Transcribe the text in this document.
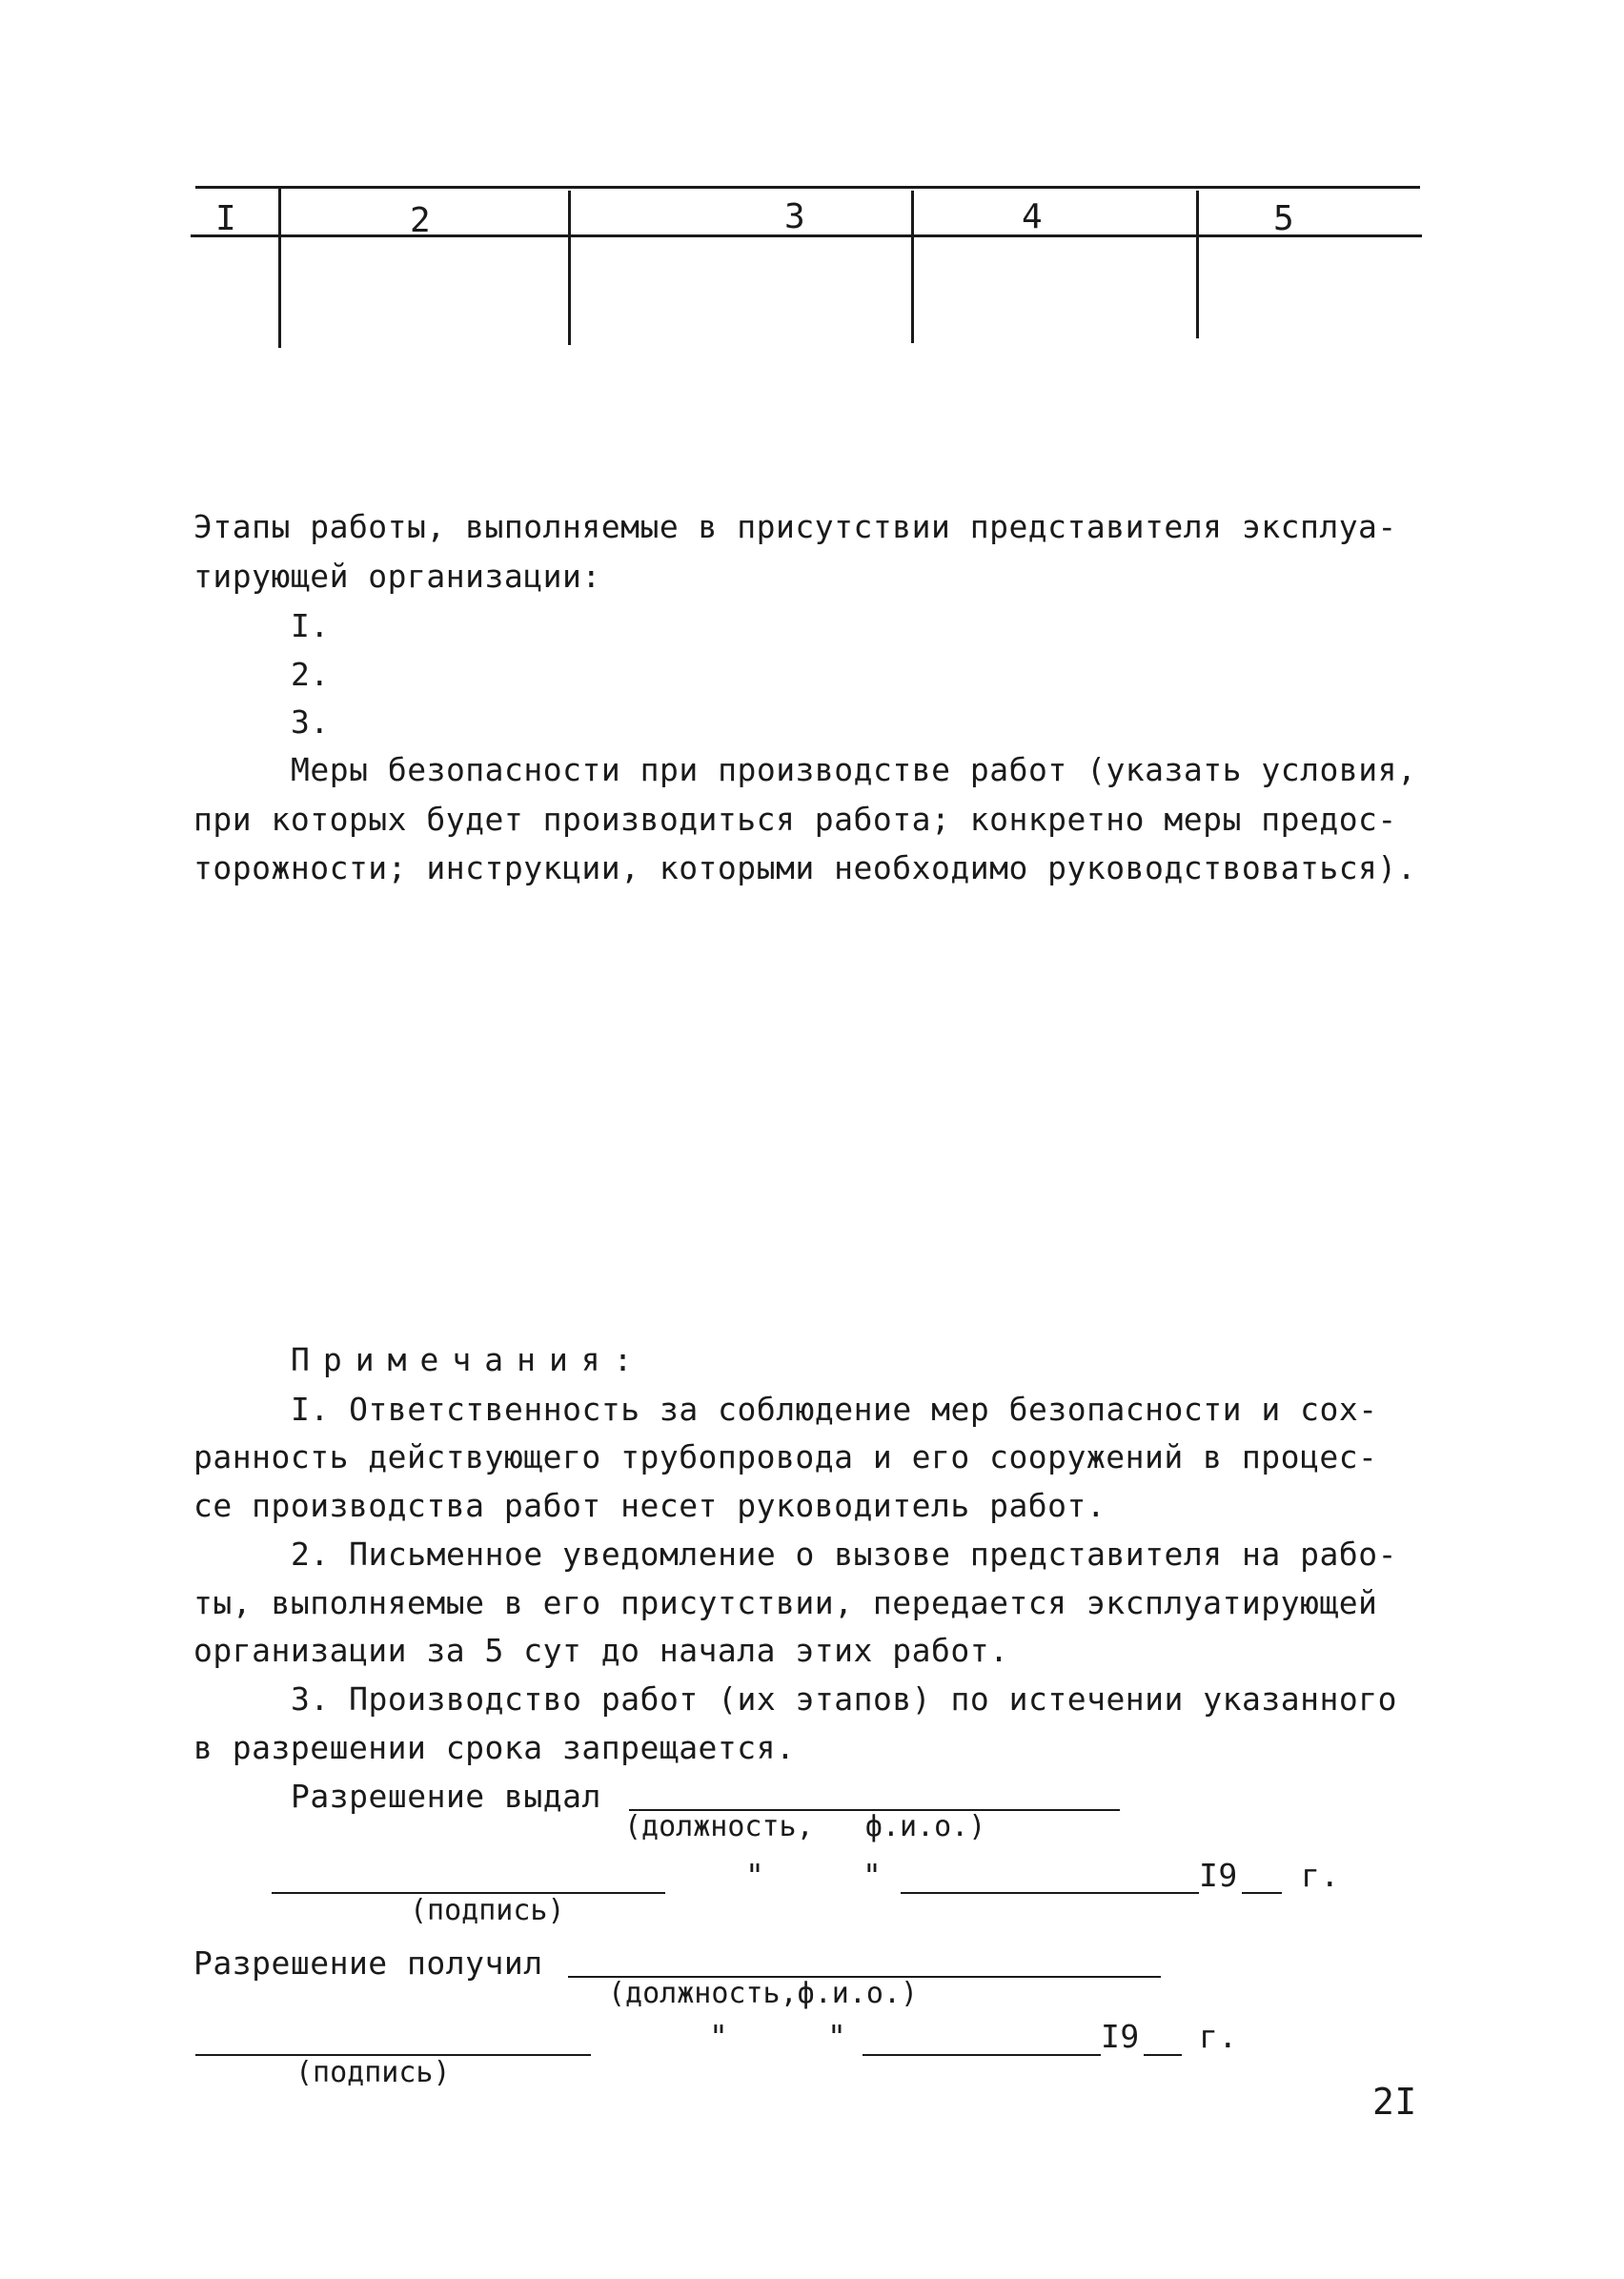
I	2	3	4	5
Этапы работы, выполняемые в присутствии представителя эксплуа-
тирующей организации:
I.
2.
3.
Меры безопасности при производстве работ (указать условия,
при которых будет производиться работа; конкретно меры предос-
торожности; инструкции, которыми необходимо руководствоваться).
Примечания:
I. Ответственность за соблюдение мер безопасности и сох-
ранность действующего трубопровода и его сооружений в процес-
се производства работ несет руководитель работ.
2. Письменное уведомление о вызове представителя на рабо-
ты, выполняемые в его присутствии, передается эксплуатирующей
организации за 5 сут до начала этих работ.
3. Производство работ (их этапов) по истечении указанного
в разрешении срока запрещается.
Разрешение выдал
(должность,   ф.и.о.)
(подпись)
"	"	I9 г.
Разрешение получил
(должность,ф.и.о.)
(подпись)
"	"	I9 г.
2I
